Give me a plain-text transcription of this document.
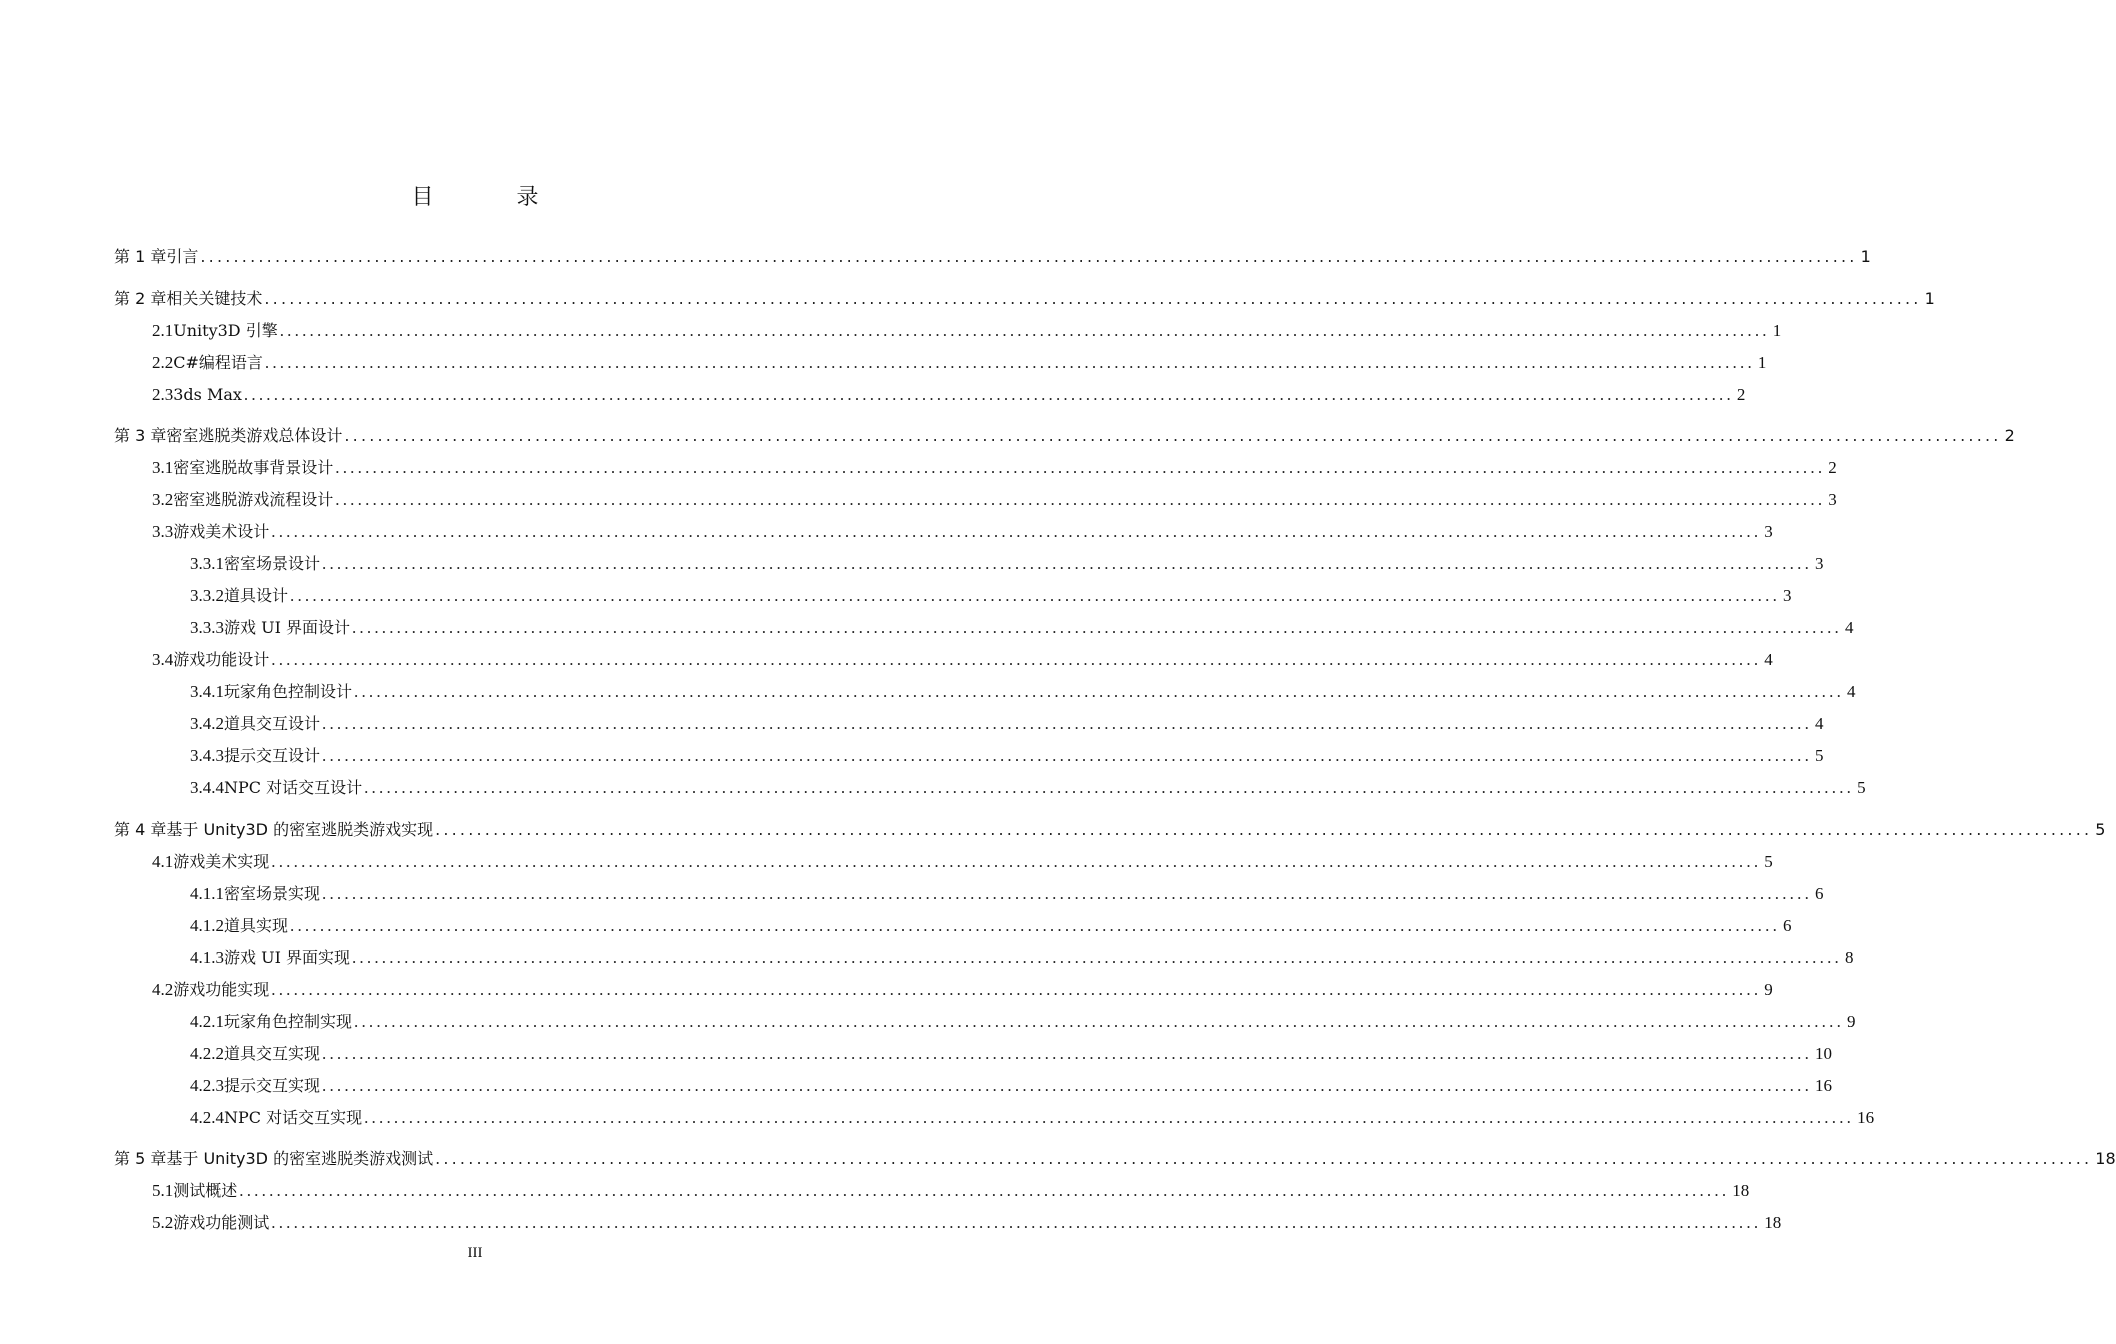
目 录
第 1 章 引言 ........................................................................................................................................................................................................ 1
第 2 章 相关关键技术 ........................................................................................................................................................................................................ 1
2.1 Unity3D 引擎 ........................................................................................................................................................................................................ 1
2.2 C#编程语言 ........................................................................................................................................................................................................ 1
2.3 3ds Max ........................................................................................................................................................................................................ 2
第 3 章 密室逃脱类游戏总体设计 ........................................................................................................................................................................................................ 2
3.1 密室逃脱故事背景设计 ........................................................................................................................................................................................................ 2
3.2 密室逃脱游戏流程设计 ........................................................................................................................................................................................................ 3
3.3 游戏美术设计 ........................................................................................................................................................................................................ 3
3.3.1 密室场景设计 ........................................................................................................................................................................................................ 3
3.3.2 道具设计 ........................................................................................................................................................................................................ 3
3.3.3 游戏 UI 界面设计 ........................................................................................................................................................................................................ 4
3.4 游戏功能设计 ........................................................................................................................................................................................................ 4
3.4.1 玩家角色控制设计 ........................................................................................................................................................................................................ 4
3.4.2 道具交互设计 ........................................................................................................................................................................................................ 4
3.4.3 提示交互设计 ........................................................................................................................................................................................................ 5
3.4.4 NPC 对话交互设计 ........................................................................................................................................................................................................ 5
第 4 章 基于 Unity3D 的密室逃脱类游戏实现 ........................................................................................................................................................................................................ 5
4.1 游戏美术实现 ........................................................................................................................................................................................................ 5
4.1.1 密室场景实现 ........................................................................................................................................................................................................ 6
4.1.2 道具实现 ........................................................................................................................................................................................................ 6
4.1.3 游戏 UI 界面实现 ........................................................................................................................................................................................................ 8
4.2 游戏功能实现 ........................................................................................................................................................................................................ 9
4.2.1 玩家角色控制实现 ........................................................................................................................................................................................................ 9
4.2.2 道具交互实现 ........................................................................................................................................................................................................ 10
4.2.3 提示交互实现 ........................................................................................................................................................................................................ 16
4.2.4 NPC 对话交互实现 ........................................................................................................................................................................................................ 16
第 5 章 基于 Unity3D 的密室逃脱类游戏测试 ........................................................................................................................................................................................................ 18
5.1 测试概述 ........................................................................................................................................................................................................ 18
5.2 游戏功能测试 ........................................................................................................................................................................................................ 18
III
